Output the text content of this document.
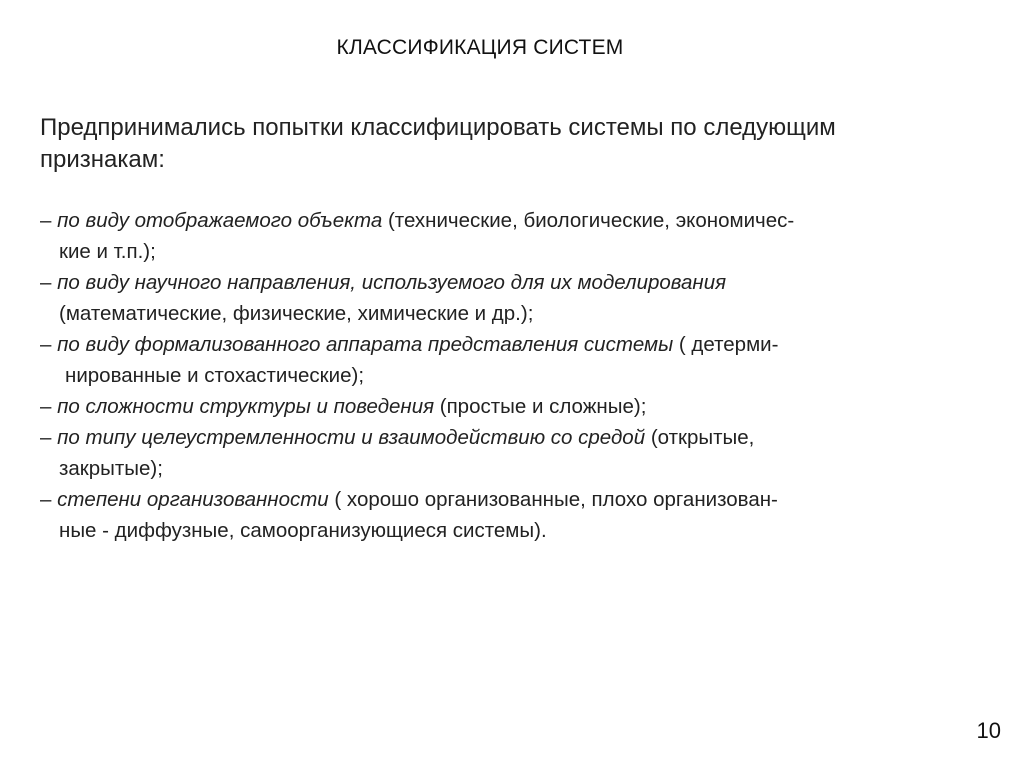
КЛАССИФИКАЦИЯ СИСТЕМ
Предпринимались попытки классифицировать системы по следующим
признакам:
– по виду отображаемого объекта (технические, биологические, экономичес-
кие и т.п.);
– по виду научного направления, используемого для их моделирования
(математические, физические, химические и др.);
– по виду формализованного аппарата представления системы ( детерми-
нированные и стохастические);
– по сложности структуры и поведения (простые и сложные);
– по типу целеустремленности и взаимодействию со средой (открытые,
закрытые);
– степени организованности ( хорошо организованные, плохо организован-
ные - диффузные, самоорганизующиеся системы).
10
